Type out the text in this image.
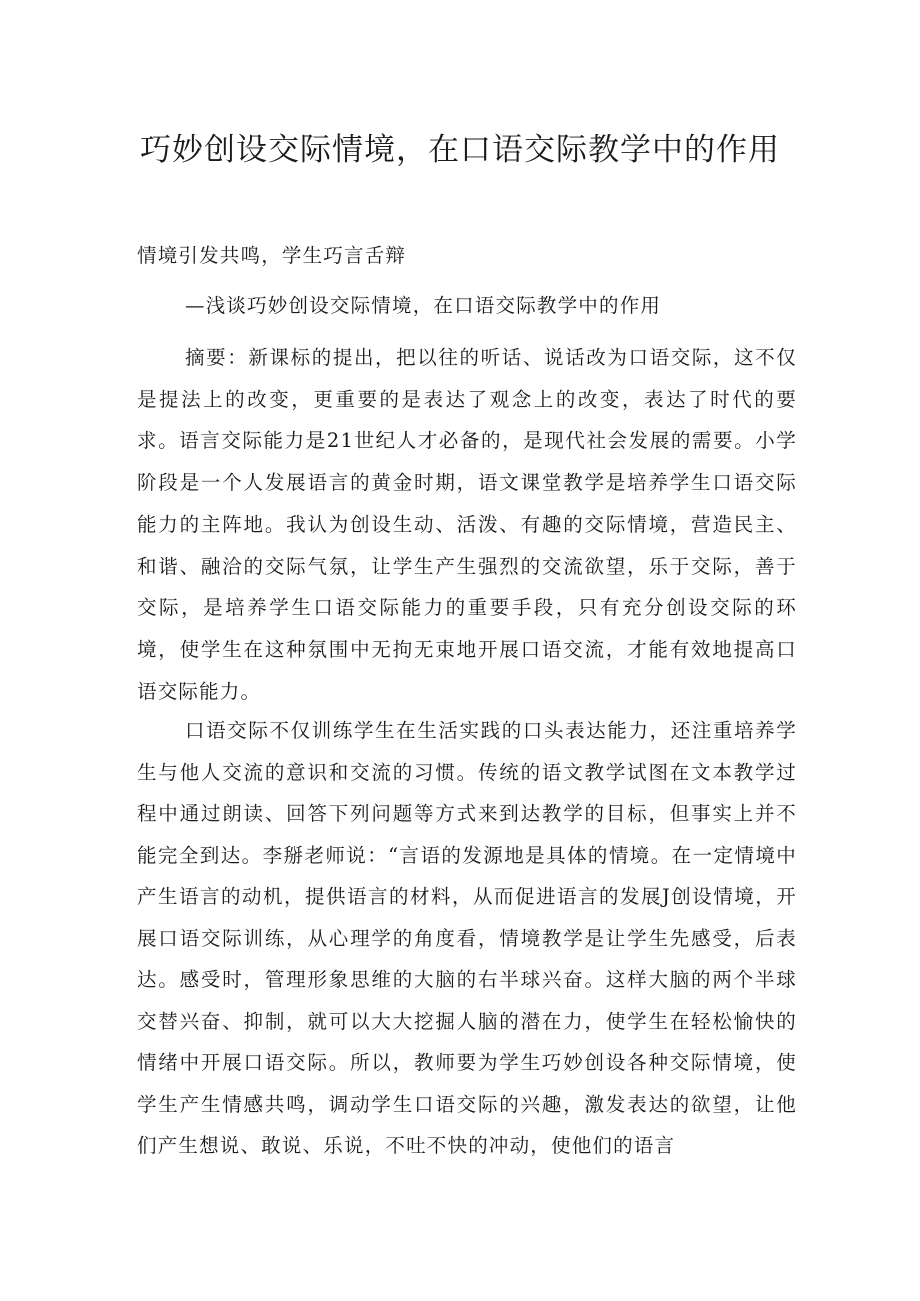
巧妙创设交际情境，在口语交际教学中的作用

情境引发共鸣，学生巧言舌辩

—浅谈巧妙创设交际情境，在口语交际教学中的作用

摘要：新课标的提出，把以往的听话、说话改为口语交际，这不仅是提法上的改变，更重要的是表达了观念上的改变，表达了时代的要求。语言交际能力是21世纪人才必备的，是现代社会发展的需要。小学阶段是一个人发展语言的黄金时期，语文课堂教学是培养学生口语交际能力的主阵地。我认为创设生动、活泼、有趣的交际情境，营造民主、和谐、融洽的交际气氛，让学生产生强烈的交流欲望，乐于交际，善于交际，是培养学生口语交际能力的重要手段，只有充分创设交际的环境，使学生在这种氛围中无拘无束地开展口语交流，才能有效地提高口语交际能力。

口语交际不仅训练学生在生活实践的口头表达能力，还注重培养学生与他人交流的意识和交流的习惯。传统的语文教学试图在文本教学过程中通过朗读、回答下列问题等方式来到达教学的目标，但事实上并不能完全到达。李掰老师说：“言语的发源地是具体的情境。在一定情境中产生语言的动机，提供语言的材料，从而促进语言的发展J创设情境，开展口语交际训练，从心理学的角度看，情境教学是让学生先感受，后表达。感受时，管理形象思维的大脑的右半球兴奋。这样大脑的两个半球交替兴奋、抑制，就可以大大挖掘人脑的潜在力，使学生在轻松愉快的情绪中开展口语交际。所以，教师要为学生巧妙创设各种交际情境，使学生产生情感共鸣，调动学生口语交际的兴趣，激发表达的欲望，让他们产生想说、敢说、乐说，不吐不快的冲动，使他们的语言
